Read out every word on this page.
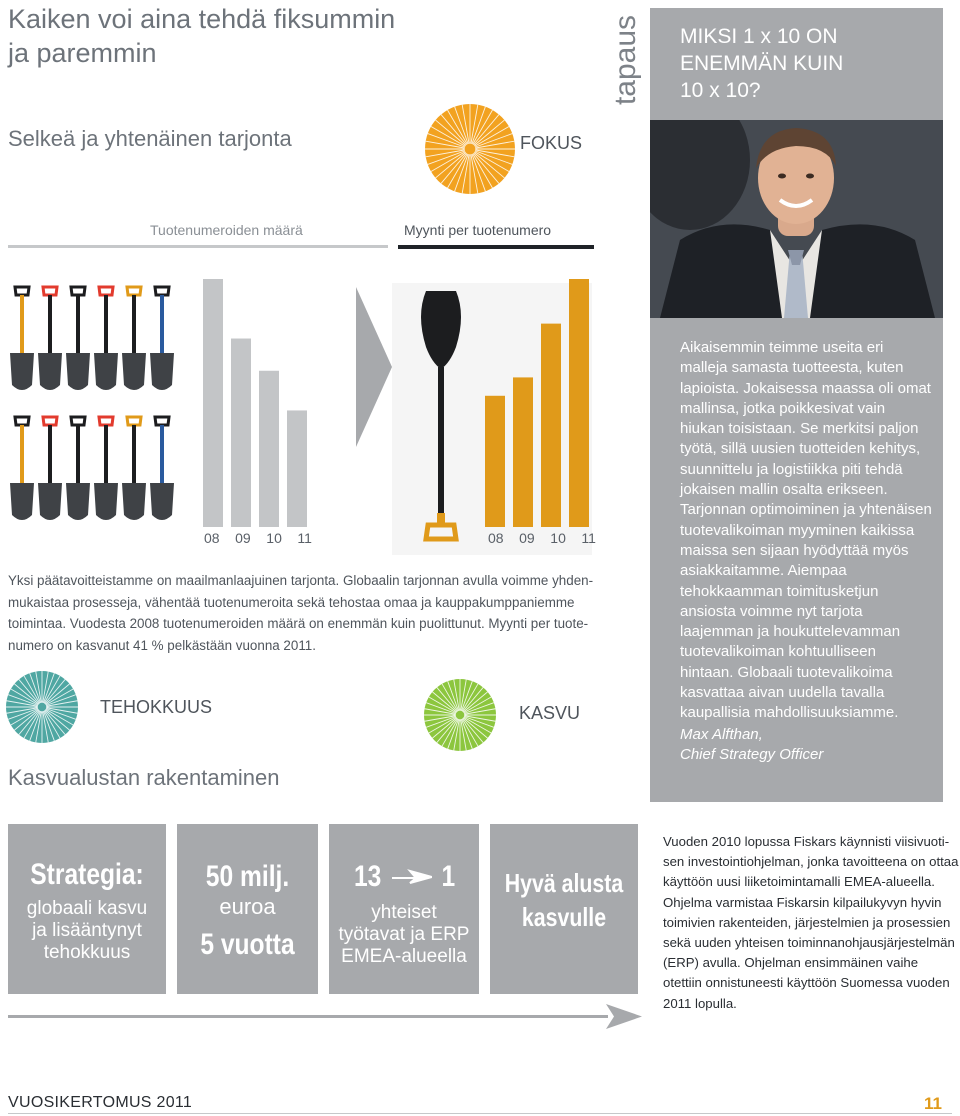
Kaiken voi aina tehdä fiksummin
ja paremmin
Selkeä ja yhtenäinen tarjonta
tapaus MIKSI 1 x 10 ON
ENEMMÄN KUIN
10 x 10?
Aikaisemmin teimme useita eri malleja samasta tuotteesta, kuten lapioista. Jokaisessa maassa oli omat mallinsa, jotka poikkesivat vain hiukan toisistaan. Se merkitsi paljon työtä, sillä uusien tuotteiden kehitys, suunnittelu ja logistiikka piti tehdä jokaisen mallin osalta erikseen. Tarjonnan optimoiminen ja yhtenäisen tuotevalikoiman myyminen kaikissa maissa sen sijaan hyödyttää myös asiakkaitamme. Aiempaa tehokkaamman toimitusketjun ansiosta voimme nyt tarjota laajemman ja houkuttelevamman tuotevalikoiman kohtuulliseen hintaan. Globaali tuotevalikoima kasvattaa aivan uudella tavalla kaupallisia mahdollisuuksiamme.
Max Alfthan,
Chief Strategy Officer
FOKUS
Tuotenumeroiden määrä	Myynti per tuotenumero
08 09 10 11	08 09 10 11
Yksi päätavoitteistamme on maailmanlaajuinen tarjonta. Globaalin tarjonnan avulla voimme yhden-mukaistaa prosesseja, vähentää tuotenumeroita sekä tehostaa omaa ja kauppakumppaniemme toimintaa. Vuodesta 2008 tuotenumeroiden määrä on enemmän kuin puolittunut. Myynti per tuote-numero on kasvanut 41 % pelkästään vuonna 2011.
TEHOKKUUS	KASVU
Kasvualustan rakentaminen
Strategia:
globaali kasvu
ja lisääntynyt
tehokkuus
50 milj.
euroa
5 vuotta
13 1
yhteiset
työtavat ja ERP
EMEA-alueella
Hyvä alusta
kasvulle
Vuoden 2010 lopussa Fiskars käynnisti viisivuoti-sen investointiohjelman, jonka tavoitteena on ottaa käyttöön uusi liiketoimintamalli EMEA-alueella. Ohjelma varmistaa Fiskarsin kilpailukyvyn hyvin toimivien rakenteiden, järjestelmien ja prosessien sekä uuden yhteisen toiminnanohjausjärjestelmän (ERP) avulla. Ohjelman ensimmäinen vaihe otettiin onnistuneesti käyttöön Suomessa vuoden 2011 lopulla.
VUOSIKERTOMUS 2011	11
